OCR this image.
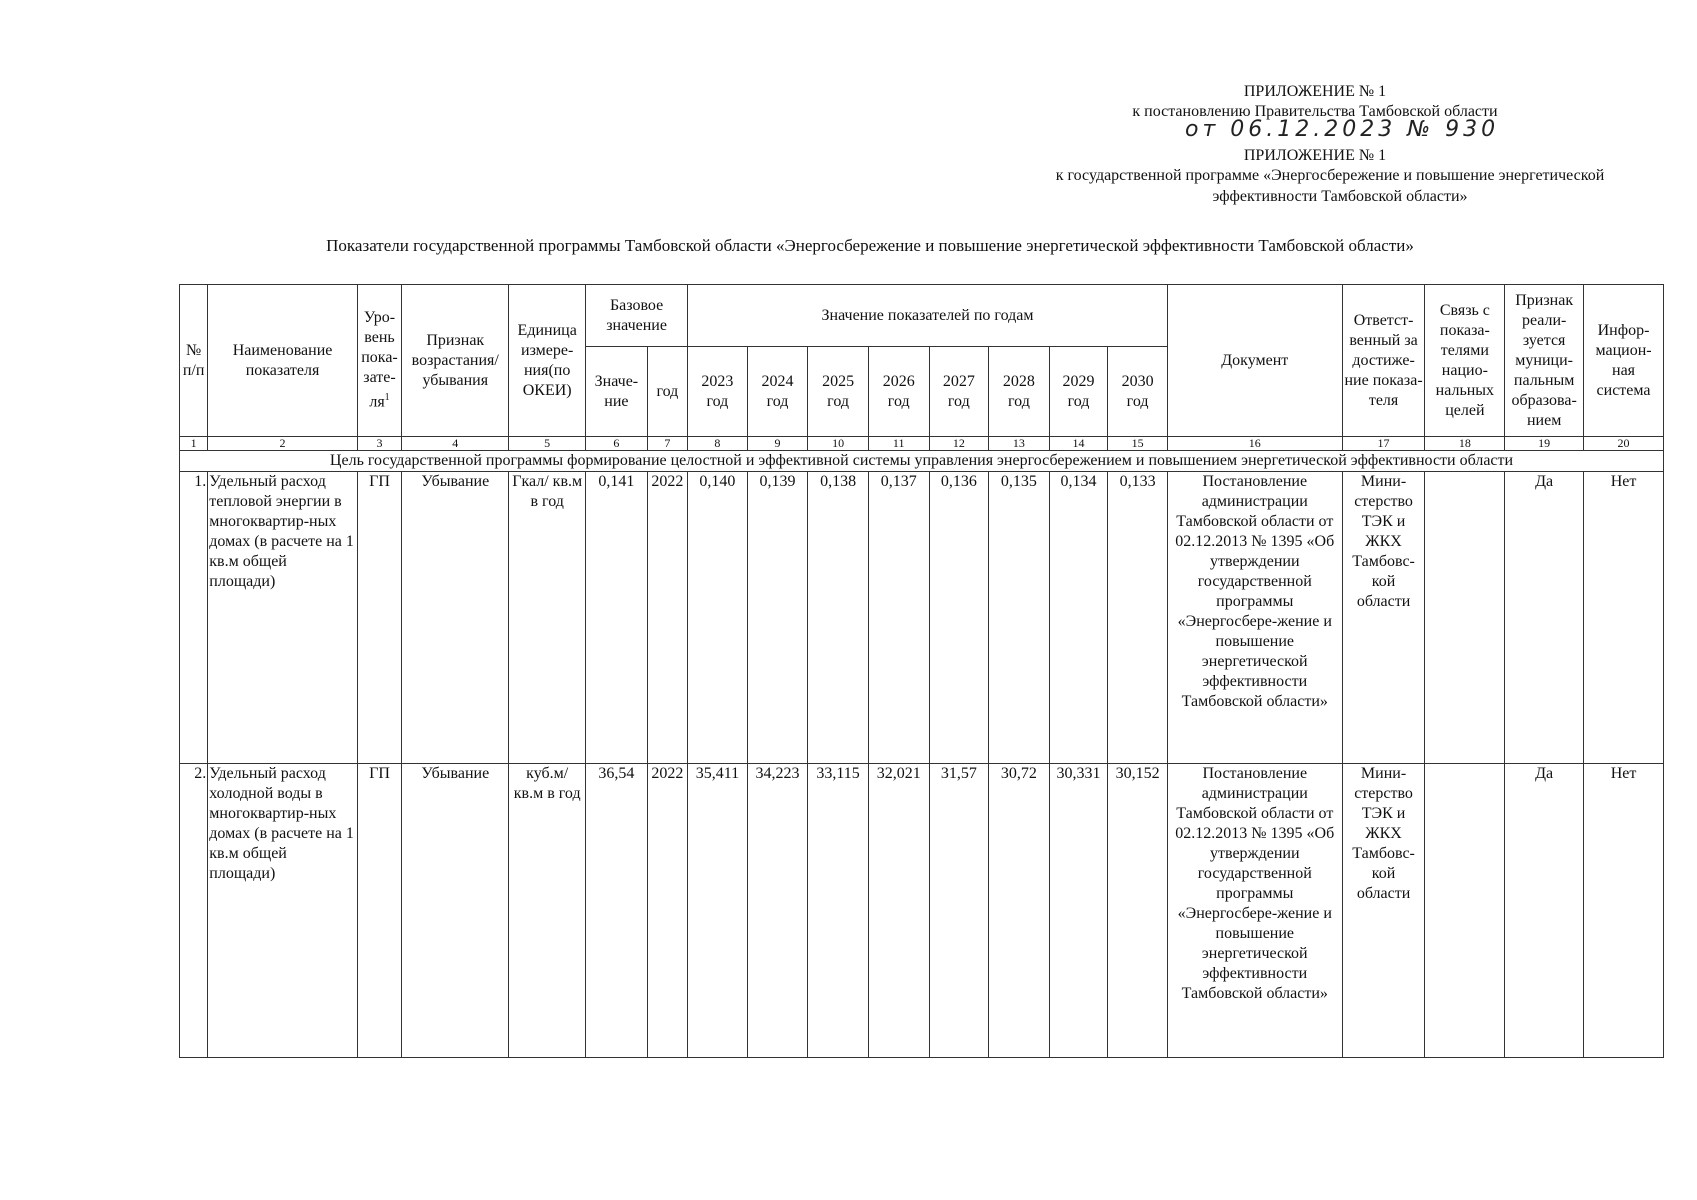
ПРИЛОЖЕНИЕ № 1
к постановлению Правительства Тамбовской области
от 06.12.2023 № 930
ПРИЛОЖЕНИЕ № 1
к государственной программе «Энергосбережение и повышение энергетической
эффективности Тамбовской области»
Показатели государственной программы Тамбовской области «Энергосбережение и повышение энергетической эффективности Тамбовской области»
№ п/п	Наименование показателя	Уро-вень пока-$зате-ля^1$	Признак возрастания/ убывания	Единица измере-ния(по ОКЕИ)	Базовое значение		Значение показателей по годам								Документ	Ответст-венный за достиже-ние показа-теля	Связь с показа-телями нацио-нальных целей	Признак реали-зуется муници-пальным образова-нием	Инфор-мацион-ная система
					Значе-ние	год	2023 год	2024 год	2025 год	2026 год	2027 год	2028 год	2029 год	2030 год					
1	2	3	4	5	6	7	8	9	10	11	12	13	14	15	16	17	18	19	20
Цель государственной программы формирование целостной и эффективной системы управления энергосбережением и повышением энергетической эффективности области																			
1.	Удельный расход тепловой энергии в многоквартир-ных домах (в расчете на 1 кв.м общей площади)	ГП	Убывание	Гкал/ кв.м в год	0,141	2022	0,140	0,139	0,138	0,137	0,136	0,135	0,134	0,133	Постановление администрации Тамбовской области от 02.12.2013 № 1395 «Об утверждении государственной программы «Энергосбере-жение и повышение энергетической эффективности Тамбовской области»	Мини-стерство ТЭК и ЖКХ Тамбовс-кой области		Да	Нет
2.	Удельный расход холодной воды в многоквартир-ных домах (в расчете на 1 кв.м общей площади)	ГП	Убывание	куб.м/ кв.м в год	36,54	2022	35,411	34,223	33,115	32,021	31,57	30,72	30,331	30,152	Постановление администрации Тамбовской области от 02.12.2013 № 1395 «Об утверждении государственной программы «Энергосбере-жение и повышение энергетической эффективности Тамбовской области»	Мини-стерство ТЭК и ЖКХ Тамбовс-кой области		Да	Нет
